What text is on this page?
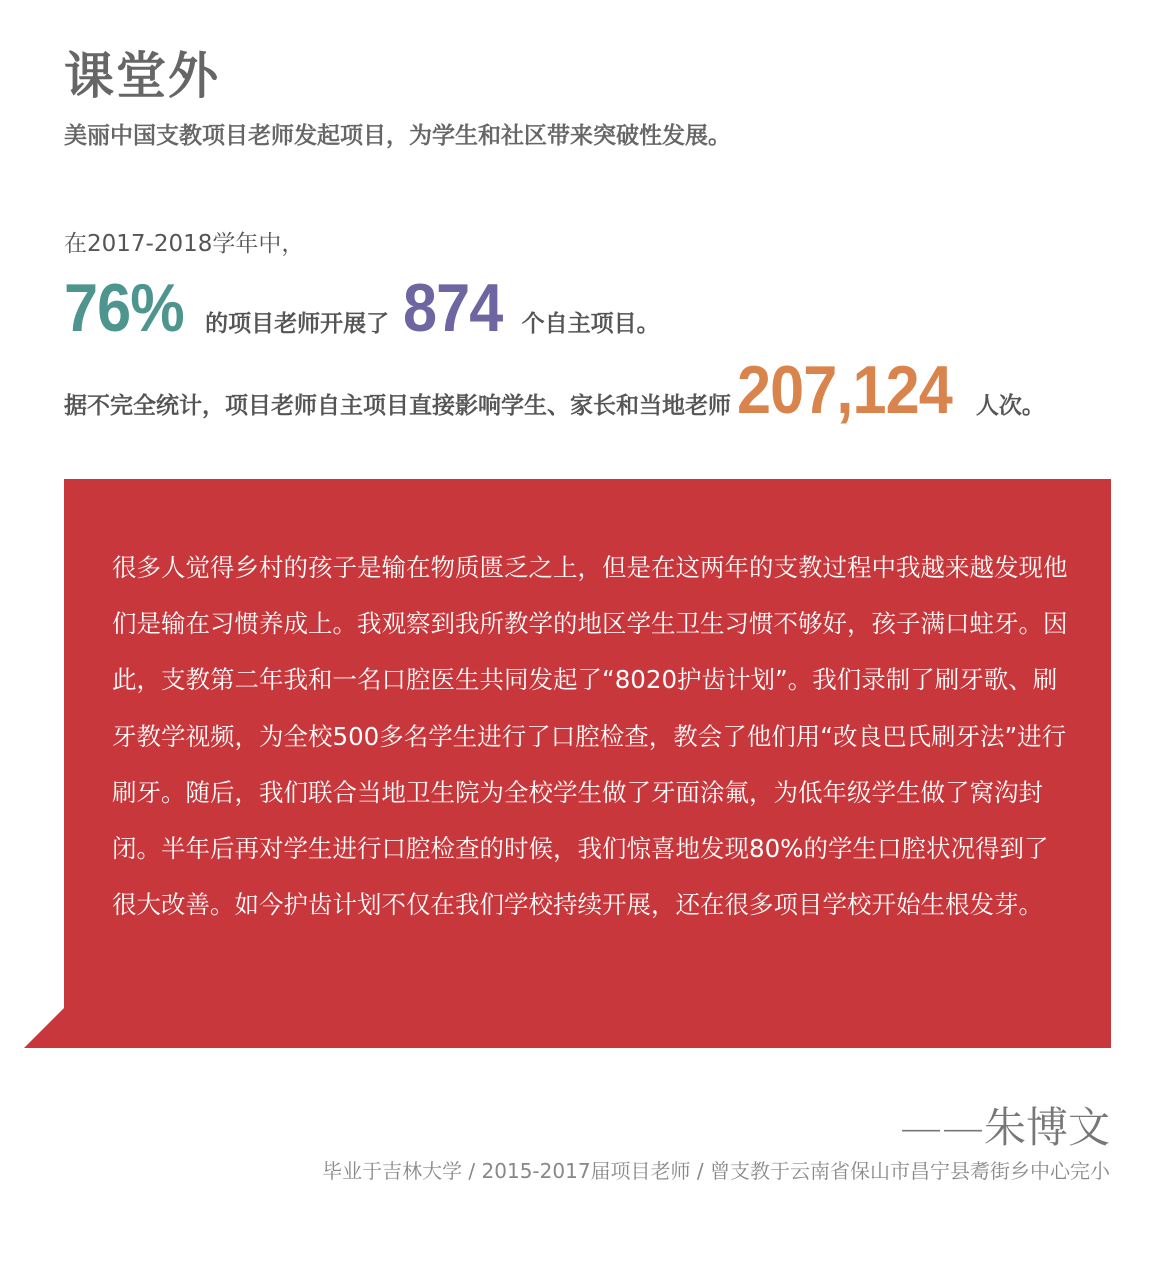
课堂外
美丽中国支教项目老师发起项目，为学生和社区带来突破性发展。
在2017-2018学年中，
76% 的项目老师开展了 874 个自主项目。
据不完全统计，项目老师自主项目直接影响学生、家长和当地老师 207,124 人次。
很多人觉得乡村的孩子是输在物质匮乏之上，但是在这两年的支教过程中我越来越发现他们是输在习惯养成上。我观察到我所教学的地区学生卫生习惯不够好，孩子满口蛀牙。因此，支教第二年我和一名口腔医生共同发起了“8020护齿计划”。我们录制了刷牙歌、刷牙教学视频，为全校500多名学生进行了口腔检查，教会了他们用“改良巴氏刷牙法”进行刷牙。随后，我们联合当地卫生院为全校学生做了牙面涂氟，为低年级学生做了窝沟封闭。半年后再对学生进行口腔检查的时候，我们惊喜地发现80%的学生口腔状况得到了很大改善。如今护齿计划不仅在我们学校持续开展，还在很多项目学校开始生根发芽。
——朱博文
毕业于吉林大学 / 2015-2017届项目老师 / 曾支教于云南省保山市昌宁县耈街乡中心完小
